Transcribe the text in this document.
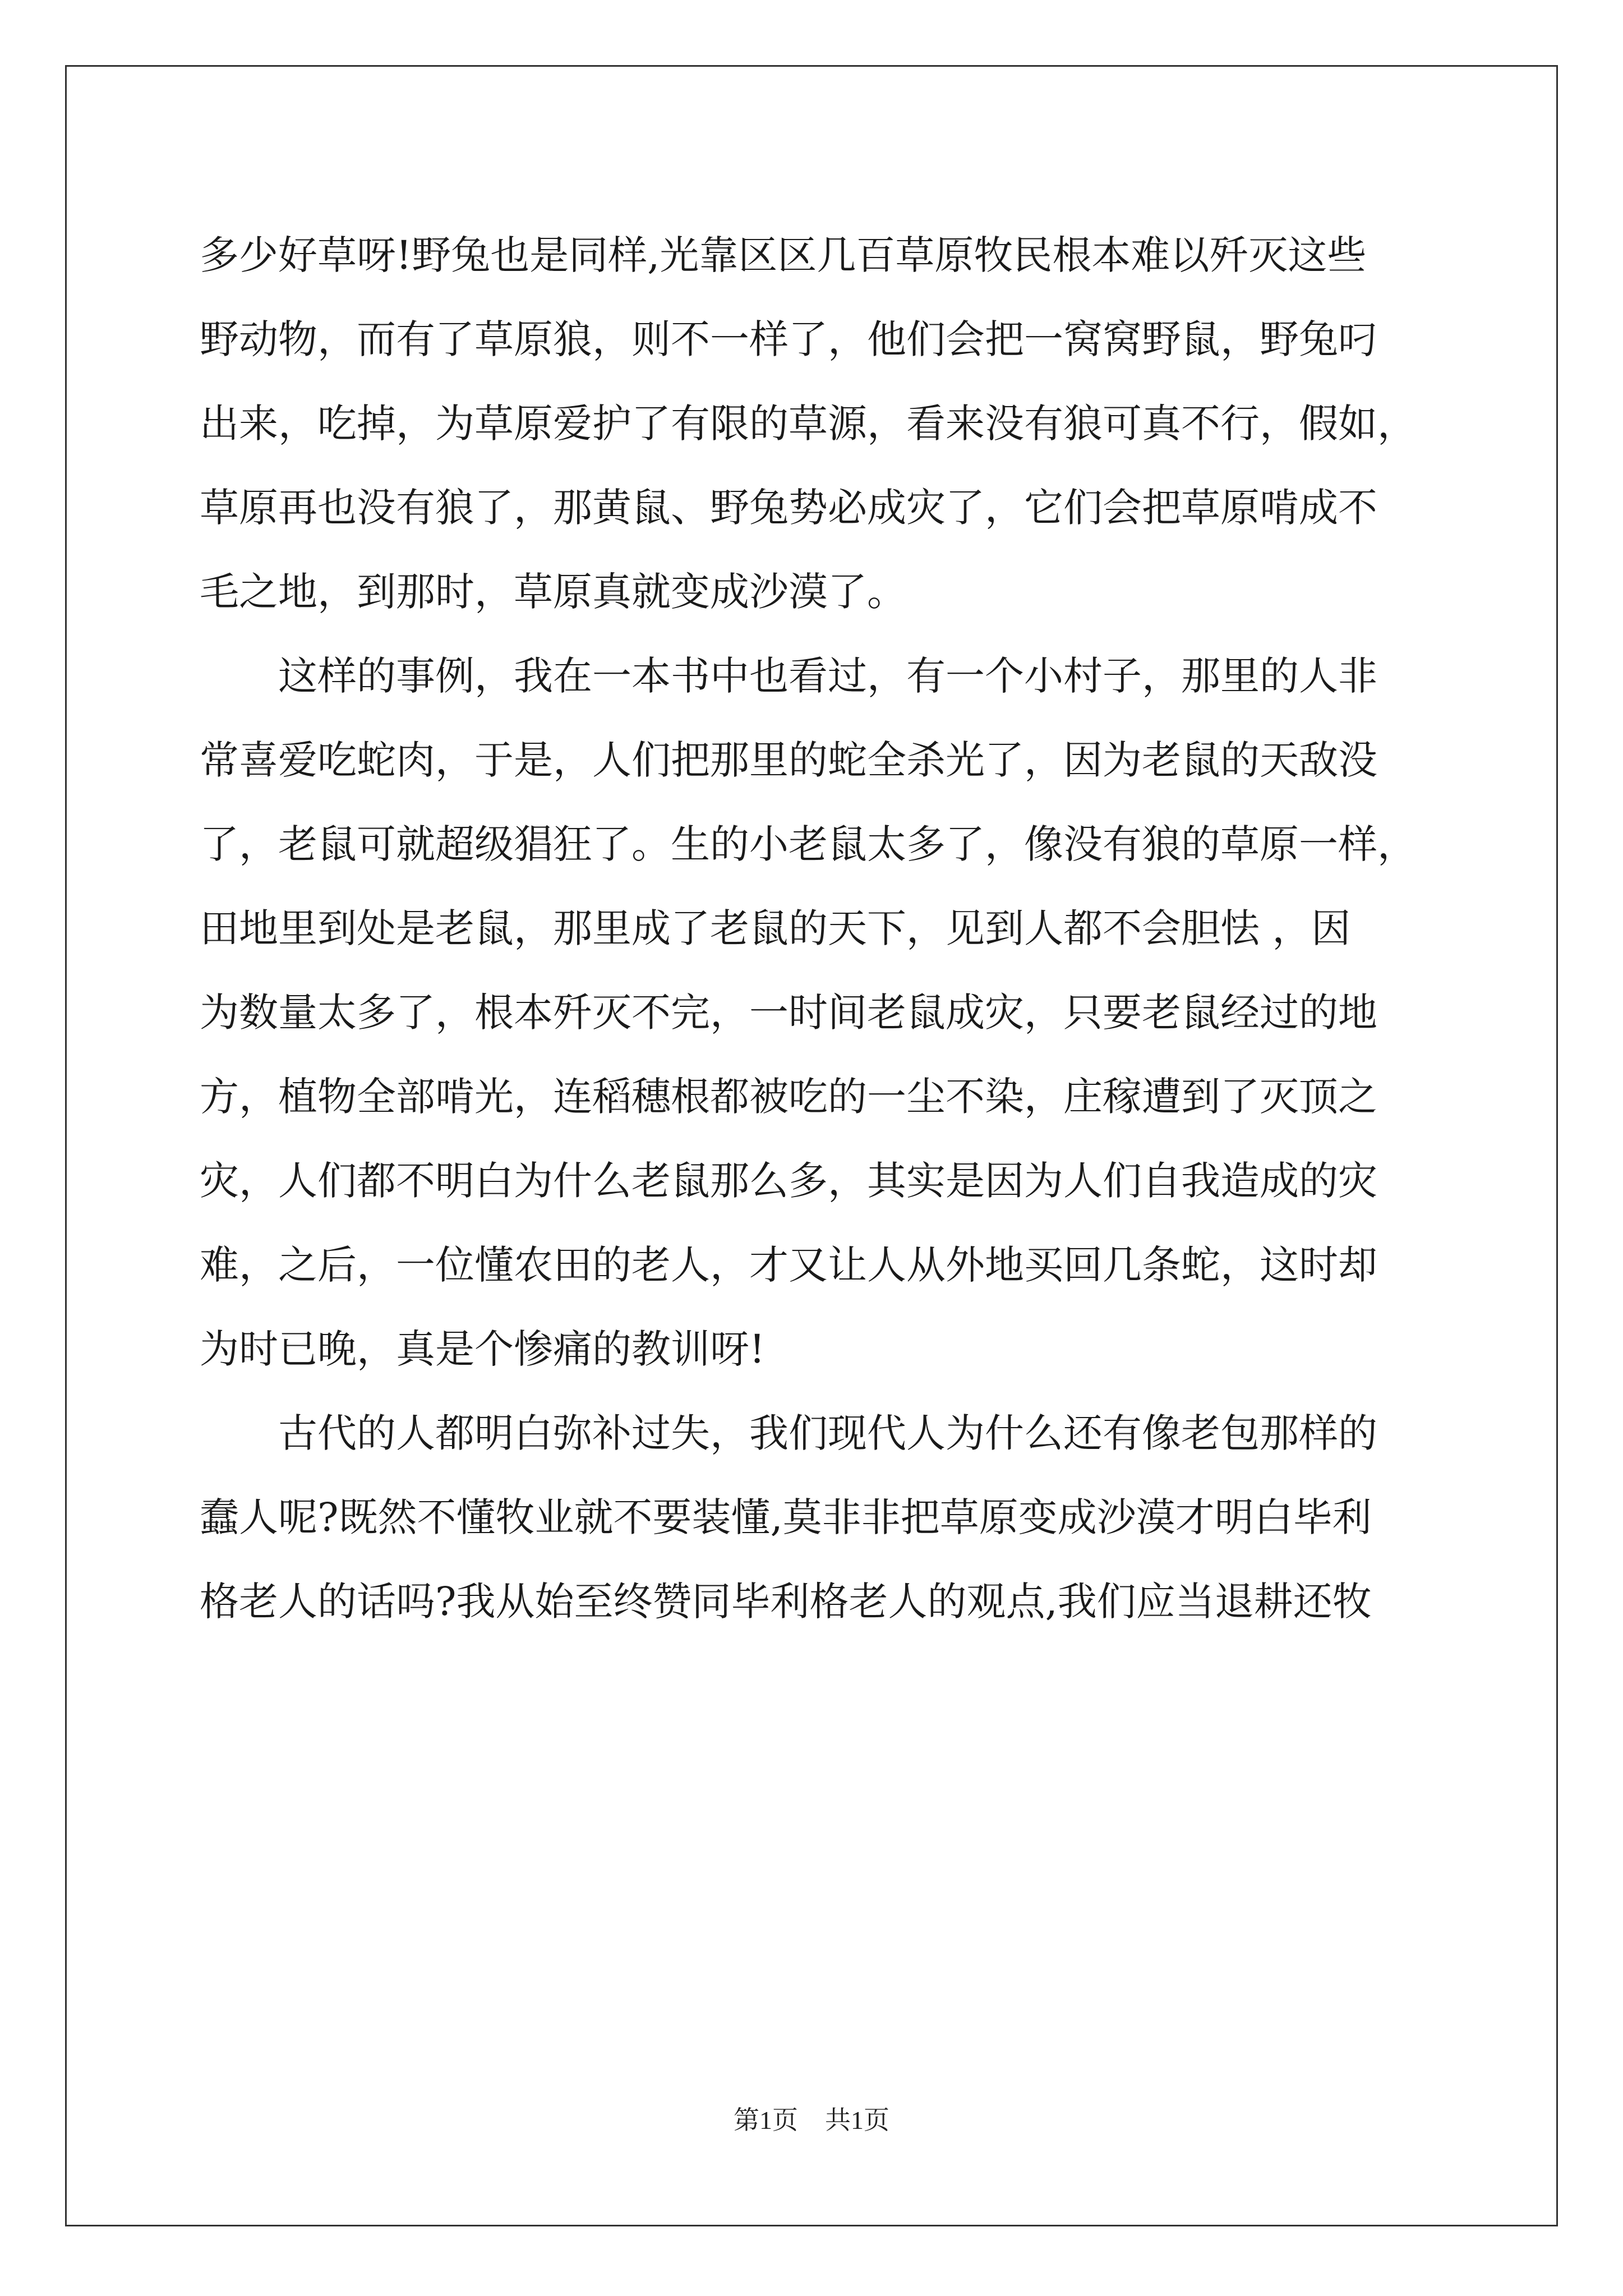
多少好草呀!野兔也是同样,光靠区区几百草原牧民根本难以歼灭这些
野动物，而有了草原狼，则不一样了，他们会把一窝窝野鼠，野兔叼
出来，吃掉，为草原爱护了有限的草源，看来没有狼可真不行，假如，
草原再也没有狼了，那黄鼠、野兔势必成灾了，它们会把草原啃成不
毛之地，到那时，草原真就变成沙漠了。
这样的事例，我在一本书中也看过，有一个小村子，那里的人非
常喜爱吃蛇肉，于是，人们把那里的蛇全杀光了，因为老鼠的天敌没
了，老鼠可就超级猖狂了。生的小老鼠太多了，像没有狼的草原一样，
田地里到处是老鼠，那里成了老鼠的天下，见到人都不会胆怯 ，因
为数量太多了，根本歼灭不完，一时间老鼠成灾，只要老鼠经过的地
方，植物全部啃光，连稻穗根都被吃的一尘不染，庄稼遭到了灭顶之
灾，人们都不明白为什么老鼠那么多，其实是因为人们自我造成的灾
难，之后，一位懂农田的老人，才又让人从外地买回几条蛇，这时却
为时已晚，真是个惨痛的教训呀!
古代的人都明白弥补过失，我们现代人为什么还有像老包那样的
蠢人呢?既然不懂牧业就不要装懂,莫非非把草原变成沙漠才明白毕利
格老人的话吗?我从始至终赞同毕利格老人的观点,我们应当退耕还牧
第1页 共1页
